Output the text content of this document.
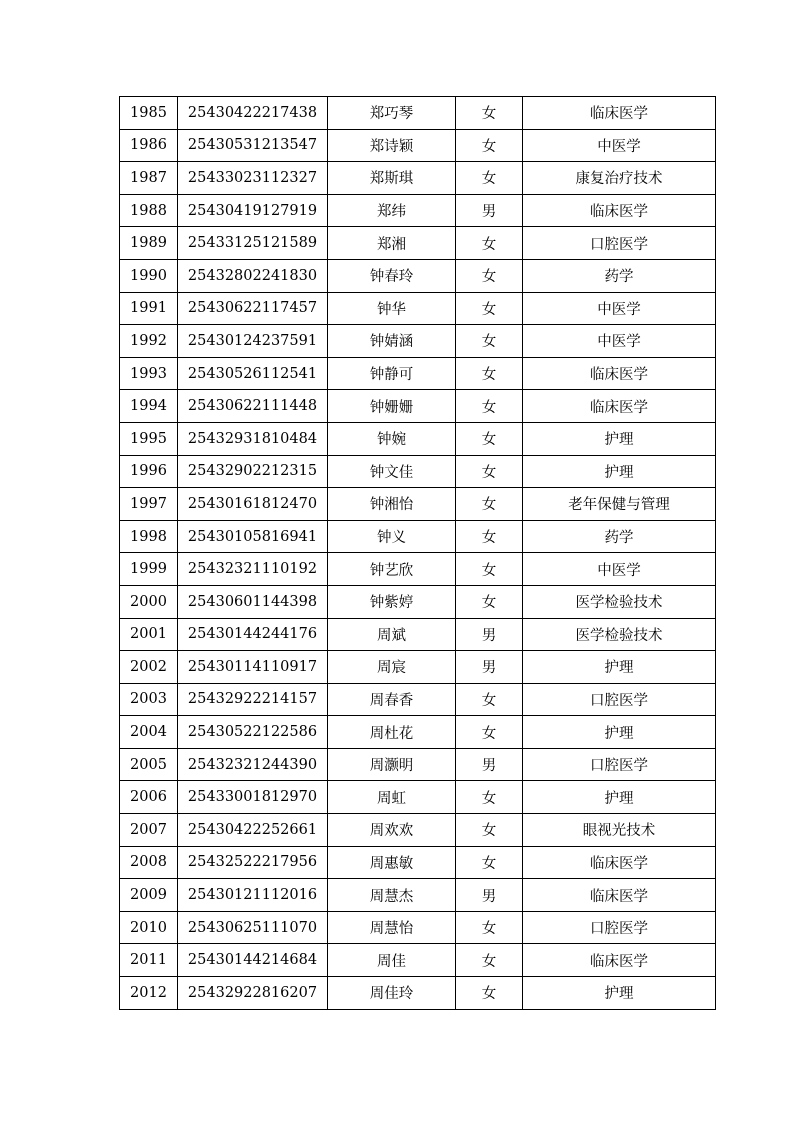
1985	25430422217438	郑巧琴	女	临床医学
1986	25430531213547	郑诗颖	女	中医学
1987	25433023112327	郑斯琪	女	康复治疗技术
1988	25430419127919	郑纬	男	临床医学
1989	25433125121589	郑湘	女	口腔医学
1990	25432802241830	钟春玲	女	药学
1991	25430622117457	钟华	女	中医学
1992	25430124237591	钟婧涵	女	中医学
1993	25430526112541	钟静可	女	临床医学
1994	25430622111448	钟姗姗	女	临床医学
1995	25432931810484	钟婉	女	护理
1996	25432902212315	钟文佳	女	护理
1997	25430161812470	钟湘怡	女	老年保健与管理
1998	25430105816941	钟义	女	药学
1999	25432321110192	钟艺欣	女	中医学
2000	25430601144398	钟紫婷	女	医学检验技术
2001	25430144244176	周斌	男	医学检验技术
2002	25430114110917	周宸	男	护理
2003	25432922214157	周春香	女	口腔医学
2004	25430522122586	周杜花	女	护理
2005	25432321244390	周灏明	男	口腔医学
2006	25433001812970	周虹	女	护理
2007	25430422252661	周欢欢	女	眼视光技术
2008	25432522217956	周惠敏	女	临床医学
2009	25430121112016	周慧杰	男	临床医学
2010	25430625111070	周慧怡	女	口腔医学
2011	25430144214684	周佳	女	临床医学
2012	25432922816207	周佳玲	女	护理
